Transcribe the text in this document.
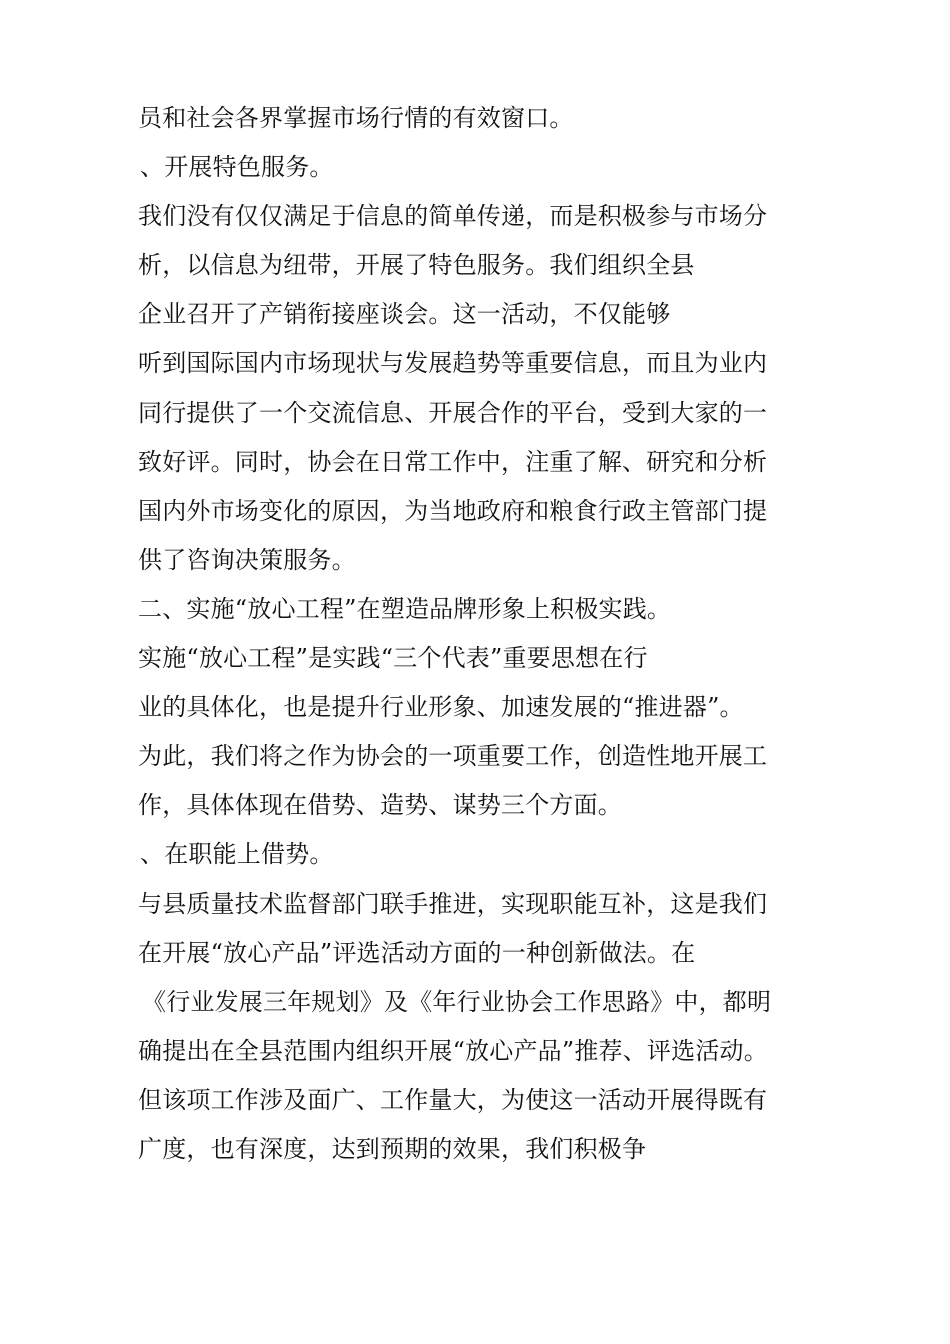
员和社会各界掌握市场行情的有效窗口。
、开展特色服务。
我们没有仅仅满足于信息的简单传递，而是积极参与市场分
析，以信息为纽带，开展了特色服务。我们组织全县
企业召开了产销衔接座谈会。这一活动，不仅能够
听到国际国内市场现状与发展趋势等重要信息，而且为业内
同行提供了一个交流信息、开展合作的平台，受到大家的一
致好评。同时，协会在日常工作中，注重了解、研究和分析
国内外市场变化的原因，为当地政府和粮食行政主管部门提
供了咨询决策服务。
二、实施“放心工程”在塑造品牌形象上积极实践。
实施“放心工程”是实践“三个代表”重要思想在行
业的具体化，也是提升行业形象、加速发展的“推进器”。
为此，我们将之作为协会的一项重要工作，创造性地开展工
作，具体体现在借势、造势、谋势三个方面。
、在职能上借势。
与县质量技术监督部门联手推进，实现职能互补，这是我们
在开展“放心产品”评选活动方面的一种创新做法。在
《行业发展三年规划》及《年行业协会工作思路》中，都明
确提出在全县范围内组织开展“放心产品”推荐、评选活动。
但该项工作涉及面广、工作量大，为使这一活动开展得既有
广度，也有深度，达到预期的效果，我们积极争
